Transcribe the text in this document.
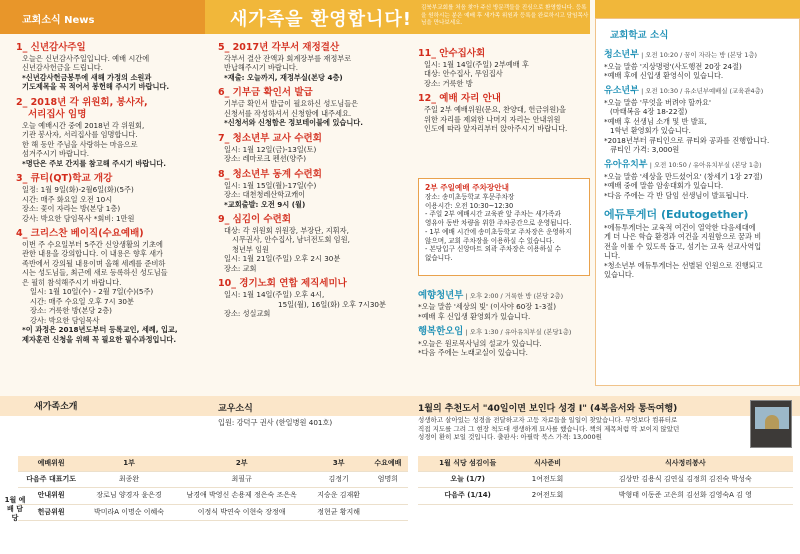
교회소식 News	새가족을 환영합니다!
김북부교회를 처음 찾아 주신 방문객들을 진심으로 환영합니다. 등록을 원하시는 분은 예배 후 새가족 위원과 등록을 완료하시고 담임목사님을 만나보세요.
1_ 신년감사주일
오늘은 신년감사주일입니다. 예배 시간에
신년감사헌금을 드립니다.
*신년감사헌금봉투에 새해 가정의 소원과
기도제목을 꼭 적어서 봉헌해 주시기 바랍니다.
2_ 2018년 각 위원회, 봉사자,
서리집사 임명
오늘 예배시간 중에 2018년 각 위원회,
기관 봉사자, 서리집사를 임명합니다.
한 해 동안 주님을 사랑하는 마음으로
섬겨주시기 바랍니다.
*명단은 주보 간지를 참고해 주시기 바랍니다.
3_ 큐티(QT)학교 개강
일정: 1월 9일(화)-2월6일(화)(5주)
시간: 매주 화요일 오전 10시
장소: 꽃이 자라는 방(본당 1층)
강사: 박요한 담임목사 *회비: 1만원
4_ 크리스찬 베이직(수요예배)
이번 주 수요일부터 5주간 신앙생활의 기초에
관한 내용을 강의합니다. 이 내용은 향후 새가
족반에서 강의될 내용이며 올해 세례를 준비하
시는 성도님들, 최근에 새로 등록하신 성도님들
은 필히 참석해주시기 바랍니다.
일시: 1월 10일(수) - 2월 7일(수)(5주)
시간: 매주 수요일 오후 7시 30분
장소: 거룩한 방(본당 2층)
강사: 박요한 담임목사
*이 과정은 2018년도부터 등록교인, 세례, 입교,
제자훈련 신청을 위해 꼭 필요한 필수과정입니다.
5_ 2017년 각부서 재정결산
각부서 결산 잔액과 회계장부를 재정부로
반납해주시기 바랍니다.
*재출: 오늘까지, 재정부실(본당 4층)
6_ 기부금 확인서 발급
기부금 확인서 발급이 필요하신 성도님들은
신청서를 작성하셔서 신청함에 내주세요.
*신청서와 신청함은 정보테이블에 있습니다.
7_ 청소년부 교사 수련회
일시: 1월 12일(금)-13일(토)
장소: 레마로크 펜션(양주)
8_ 청소년부 동계 수련회
일시: 1월 15일(월)-17일(수)
장소: 대천청레산학교캐이
*교회출발: 오전 9시 (월)
9_ 심김이 수련회
대상: 각 위원회 위원장, 부장단, 지휘자,
시무권사, 안수집사, 남녀전도회 임원,
청년부 임원
일시: 1월 21일(주일) 오후 2시 30분
장소: 교회
10_ 경기노회 연합 제직세미나
일시: 1월 14일(주일) 오후 4시,
15일(월), 16일(화) 오후 7시30분
장소: 성실교회
11_ 안수집사회
일시: 1월 14일(주일) 2부예배 후
대상: 안수집사, 무임집사
장소: 거룩한 방
12_ 예배 자리 안내
주일 2부 예배위원(문요, 찬양대, 헌금위원)을
위한 자리를 제외한 나머지 자리는 안내위원
인도에 따라 앞자리부터 앉아주시기 바랍니다.
2부 주일예배 주차장안내
장소: 송미초등학교 후문주차장
이용시간: 오전 10:30~12:30
- 주일 2부 예배시간 교육관 앞 주차는 새가족과
영유아 동반 차량을 위한 주차공간으로 운영됩니다.
- 1부 예배 시간에 송미초등학교 주차장은 운영하지
않으며, 교회 주차장을 이용하실 수 있습니다.
- 본당입구 신앙마트 외곽 주차장은 이용하실 수
없습니다.
예향청년부 | 오후 2:00 / 거룩한 방 (본당 2층)
*오늘 말씀 '세상의 빛' (이사야 60장 1-3절)
*예배 후 신입생 환영회가 있습니다.
행복한오임 | 오후 1:30 / 유아유치부실 (본당1층)
*오늘은 원로목사님의 설교가 있습니다.
*다음 주에는 노래교실이 있습니다.
교회학교 소식
청소년부 | 오전 10:20 / 꿈이 자라는 방 (본당 1층)
*오늘 말씀 '지상명령'(사도행전 20장 24절)
*예배 후에 신입생 환영식이 있습니다.
유소년부 | 오전 10:30 / 유소년부예배실 (교육관4층)
*오늘 말씀 '무엇을 버려야 할까요'
(마태복음 4장 18-22절)
*예배 후 선생님 소개 및 반 발표,
1학년 환영회가 있습니다.
*2018년부터 큐티인으로 큐티와 공과를 진행합니다.
큐티인 가격: 3,000원
유아유치부 | 오전 10:50 / 유아유치부실 (본당 1층)
*오늘 말씀 '세상을 만드셨어요' (창세기 1장 27절)
*예배 중에 말씀 암송대회가 있습니다.
*다음 주에는 각 반 담임 선생님이 발표됩니다.
에듀투게더 (Edutogether)
*에듀투게더는 교육적 여건이 열악한 다음세대에
게 더 나은 학습 환경과 여건을 지원함으로 꿈과 비
전을 이룰 수 있도록 돕고, 섬기는 교육 선교사역입
니다.
*청소년부 에듀투게더는 선별된 인원으로 진행되고
있습니다.
새가족소개	교우소식
입원: 강덕구 권사 (한일병원 401호)
1월의 추천도서 "40일이면 보인다 성경 Ⅰ" (4복음서와 통독여행)
성생하고 살아있는 성경을 전달하고자 고등 자료들을 일일이 찾았습니다. 무엇보다 컴퓨터로
직접 지도를 그려 그 현장 척도대 생생하게 묘사를 했습니다. 책의 제목처럼 딱 보이지 않았던
성경이 환히 보일 것입니다. 출판사: 아필락 북스 가격: 13,000원
예배위원	1부	2부	3부	수요예배
다음주 대표기도	최종완	최필규	김정기	엄명희
안내위원	장로님 양경자 윤은경	남경애 박영신 손용제 정은숙 조은옥	지승운 김재환	
헌금위원	박미라A 이명순 이혜숙	이정식 박연숙 이현숙 장정애	정현균 황지해	
1월 예배 담당
1월 식당 섬김이들	식사준비	식사정리봉사
오늘 (1/7)	1여전도회	김상만 김용식 김연실 김정희 김진숙 박성숙
다음주 (1/14)	2여전도회	박형태 이동준 고은희 김선화 김영숙A 김 영
